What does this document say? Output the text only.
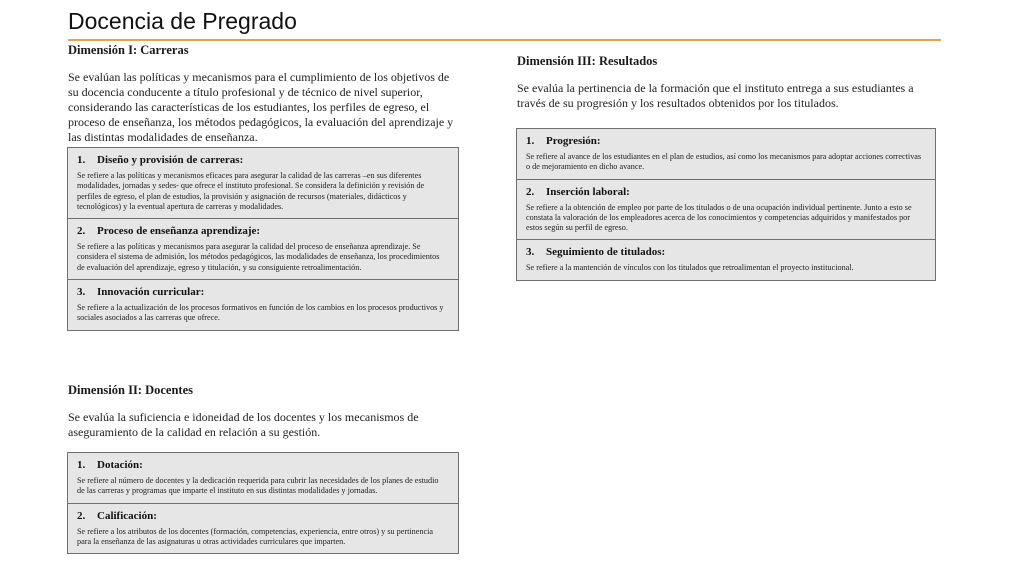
Docencia de Pregrado
Dimensión I: Carreras
Se evalúan las políticas y mecanismos para el cumplimiento de los objetivos de su docencia conducente a título profesional y de técnico de nivel superior, considerando las características de los estudiantes, los perfiles de egreso, el proceso de enseñanza, los métodos pedagógicos, la evaluación del aprendizaje y las distintas modalidades de enseñanza.
1. Diseño y provisión de carreras:
Se refiere a las políticas y mecanismos eficaces para asegurar la calidad de las carreras –en sus diferentes modalidades, jornadas y sedes- que ofrece el instituto profesional. Se considera la definición y revisión de perfiles de egreso, el plan de estudios, la provisión y asignación de recursos (materiales, didácticos y tecnológicos) y la eventual apertura de carreras y modalidades.
2. Proceso de enseñanza aprendizaje:
Se refiere a las políticas y mecanismos para asegurar la calidad del proceso de enseñanza aprendizaje. Se considera el sistema de admisión, los métodos pedagógicos, las modalidades de enseñanza, los procedimientos de evaluación del aprendizaje, egreso y titulación, y su consiguiente retroalimentación.
3. Innovación curricular:
Se refiere a la actualización de los procesos formativos en función de los cambios en los procesos productivos y sociales asociados a las carreras que ofrece.
Dimensión II: Docentes
Se evalúa la suficiencia e idoneidad de los docentes y los mecanismos de aseguramiento de la calidad en relación a su gestión.
1. Dotación:
Se refiere al número de docentes y la dedicación requerida para cubrir las necesidades de los planes de estudio de las carreras y programas que imparte el instituto en sus distintas modalidades y jornadas.
2. Calificación:
Se refiere a los atributos de los docentes (formación, competencias, experiencia, entre otros) y su pertinencia para la enseñanza de las asignaturas u otras actividades curriculares que imparten.
Dimensión III: Resultados
Se evalúa la pertinencia de la formación que el instituto entrega a sus estudiantes a través de su progresión y los resultados obtenidos por los titulados.
1. Progresión:
Se refiere al avance de los estudiantes en el plan de estudios, así como los mecanismos para adoptar acciones correctivas o de mejoramiento en dicho avance.
2. Inserción laboral:
Se refiere a la obtención de empleo por parte de los titulados o de una ocupación individual pertinente. Junto a esto se constata la valoración de los empleadores acerca de los conocimientos y competencias adquiridos y manifestados por estos según su perfil de egreso.
3. Seguimiento de titulados:
Se refiere a la mantención de vínculos con los titulados que retroalimentan el proyecto institucional.
